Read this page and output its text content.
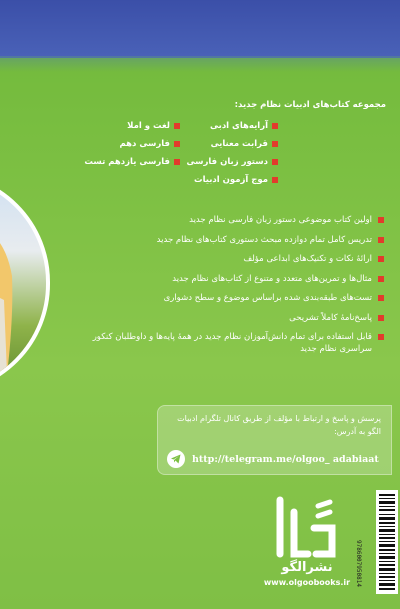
مجموعه کتاب‌های ادبیات نظام جدید:
آرایه‌های ادبی
لغت و املا
قرابت معنایی
فارسی دهم
دستور زبان فارسی
فارسی یازدهم تست
موج آزمون ادبیات
اولین کتاب موضوعی دستور زبان فارسی نظام جدید
تدریس کامل تمام دوازده مبحث دستوری کتاب‌های نظام جدید
ارائهٔ نکات و تکنیک‌های ابداعی مؤلف
مثال‌ها و تمرین‌های متعدد و متنوع از کتاب‌های نظام جدید
تست‌های طبقه‌بندی شده براساس موضوع و سطح دشواری
پاسخ‌نامهٔ کاملاً تشریحی
قابل استفاده برای تمام دانش‌آموزان نظام جدید در همهٔ پایه‌ها و داوطلبان کنکور سراسری نظام جدید
پرسش و پاسخ و ارتباط با مؤلف از طریق کانال تلگرام ادبیات الگو به آدرس:
http://telegram.me/olgoo_ adabiaat
نشرالگو
www.olgoobooks.ir 9786007950814
